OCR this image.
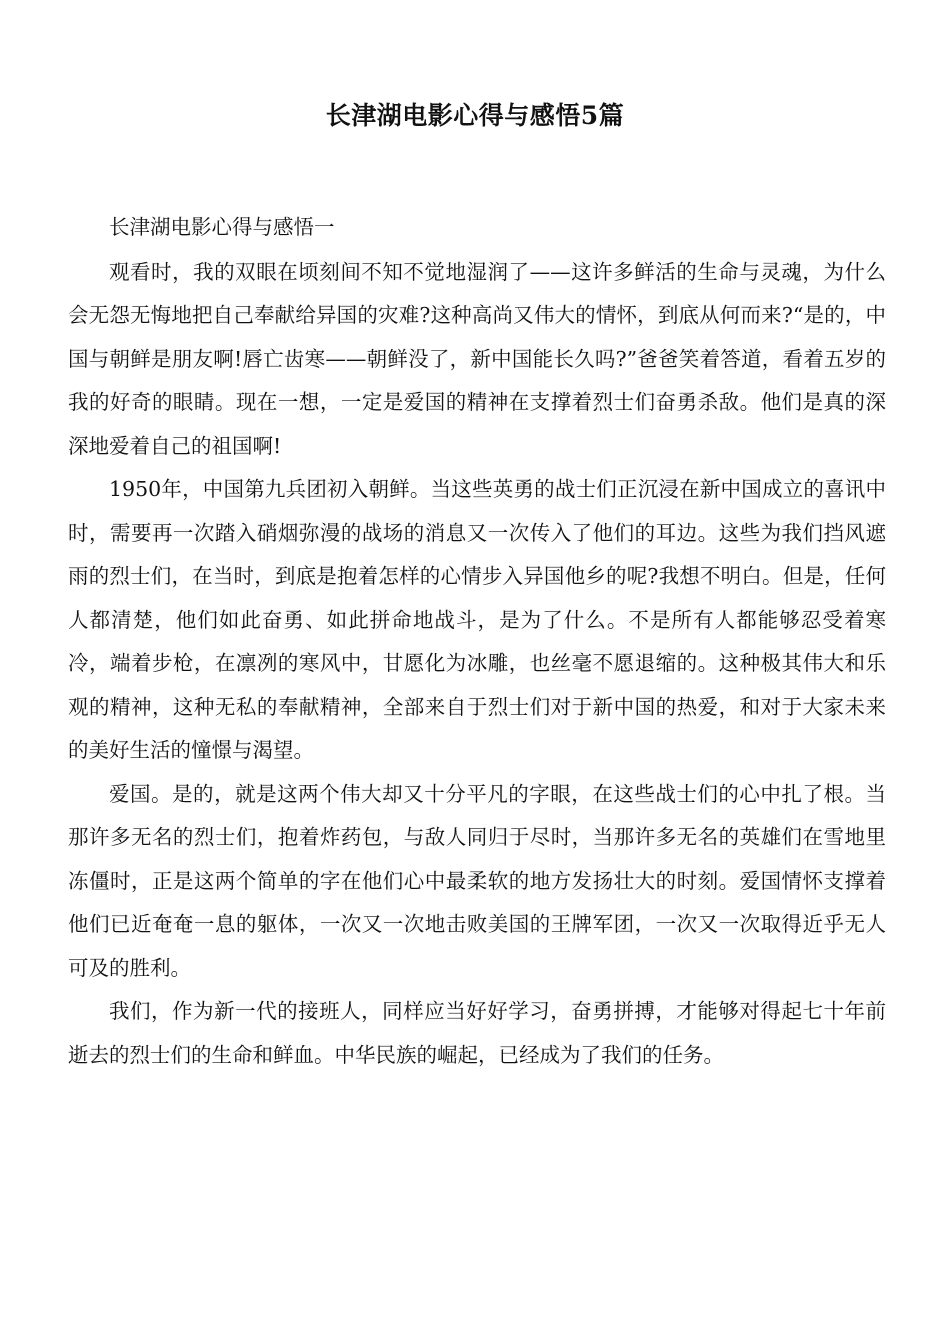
长津湖电影心得与感悟5篇

长津湖电影心得与感悟一

观看时，我的双眼在顷刻间不知不觉地湿润了——这许多鲜活的生命与灵魂，为什么会无怨无悔地把自己奉献给异国的灾难?这种高尚又伟大的情怀，到底从何而来?“是的，中国与朝鲜是朋友啊!唇亡齿寒——朝鲜没了，新中国能长久吗?”爸爸笑着答道，看着五岁的我的好奇的眼睛。现在一想，一定是爱国的精神在支撑着烈士们奋勇杀敌。他们是真的深深地爱着自己的祖国啊!

1950年，中国第九兵团初入朝鲜。当这些英勇的战士们正沉浸在新中国成立的喜讯中时，需要再一次踏入硝烟弥漫的战场的消息又一次传入了他们的耳边。这些为我们挡风遮雨的烈士们，在当时，到底是抱着怎样的心情步入异国他乡的呢?我想不明白。但是，任何人都清楚，他们如此奋勇、如此拼命地战斗，是为了什么。不是所有人都能够忍受着寒冷，端着步枪，在凛冽的寒风中，甘愿化为冰雕，也丝毫不愿退缩的。这种极其伟大和乐观的精神，这种无私的奉献精神，全部来自于烈士们对于新中国的热爱，和对于大家未来的美好生活的憧憬与渴望。

爱国。是的，就是这两个伟大却又十分平凡的字眼，在这些战士们的心中扎了根。当那许多无名的烈士们，抱着炸药包，与敌人同归于尽时，当那许多无名的英雄们在雪地里冻僵时，正是这两个简单的字在他们心中最柔软的地方发扬壮大的时刻。爱国情怀支撑着他们已近奄奄一息的躯体，一次又一次地击败美国的王牌军团，一次又一次取得近乎无人可及的胜利。

我们，作为新一代的接班人，同样应当好好学习，奋勇拼搏，才能够对得起七十年前逝去的烈士们的生命和鲜血。中华民族的崛起，已经成为了我们的任务。
